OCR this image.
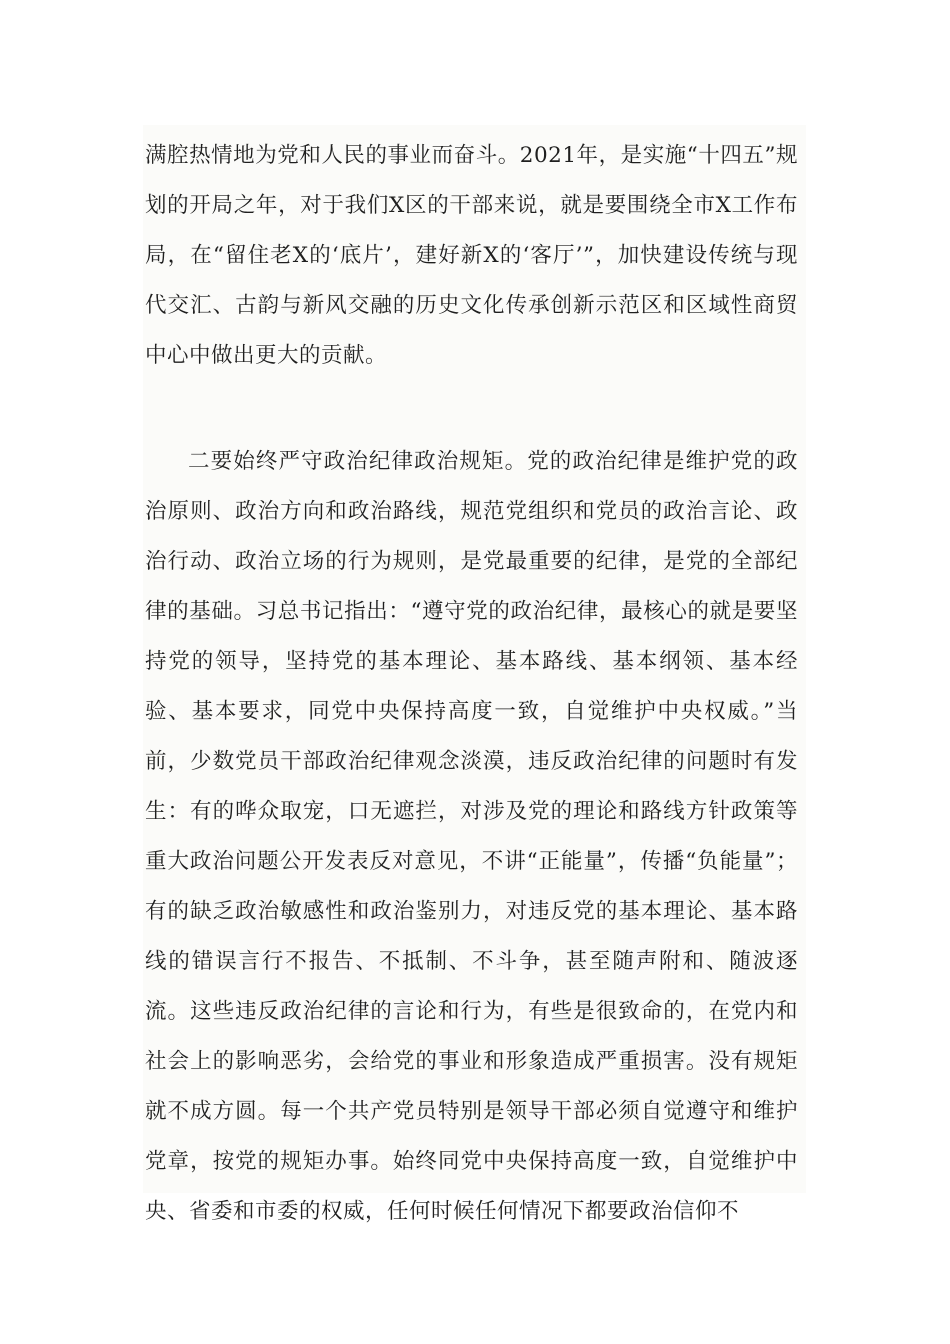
满腔热情地为党和人民的事业而奋斗。2021年，是实施“十四五”规划的开局之年，对于我们X区的干部来说，就是要围绕全市X工作布局，在“留住老X的‘底片’，建好新X的‘客厅’”，加快建设传统与现代交汇、古韵与新风交融的历史文化传承创新示范区和区域性商贸中心中做出更大的贡献。

二要始终严守政治纪律政治规矩。党的政治纪律是维护党的政治原则、政治方向和政治路线，规范党组织和党员的政治言论、政治行动、政治立场的行为规则，是党最重要的纪律，是党的全部纪律的基础。习总书记指出：“遵守党的政治纪律，最核心的就是要坚持党的领导，坚持党的基本理论、基本路线、基本纲领、基本经验、基本要求，同党中央保持高度一致，自觉维护中央权威。”当前，少数党员干部政治纪律观念淡漠，违反政治纪律的问题时有发生：有的哗众取宠，口无遮拦，对涉及党的理论和路线方针政策等重大政治问题公开发表反对意见，不讲“正能量”，传播“负能量”；有的缺乏政治敏感性和政治鉴别力，对违反党的基本理论、基本路线的错误言行不报告、不抵制、不斗争，甚至随声附和、随波逐流。这些违反政治纪律的言论和行为，有些是很致命的，在党内和社会上的影响恶劣，会给党的事业和形象造成严重损害。没有规矩就不成方圆。每一个共产党员特别是领导干部必须自觉遵守和维护党章，按党的规矩办事。始终同党中央保持高度一致，自觉维护中央、省委和市委的权威，任何时候任何情况下都要政治信仰不
